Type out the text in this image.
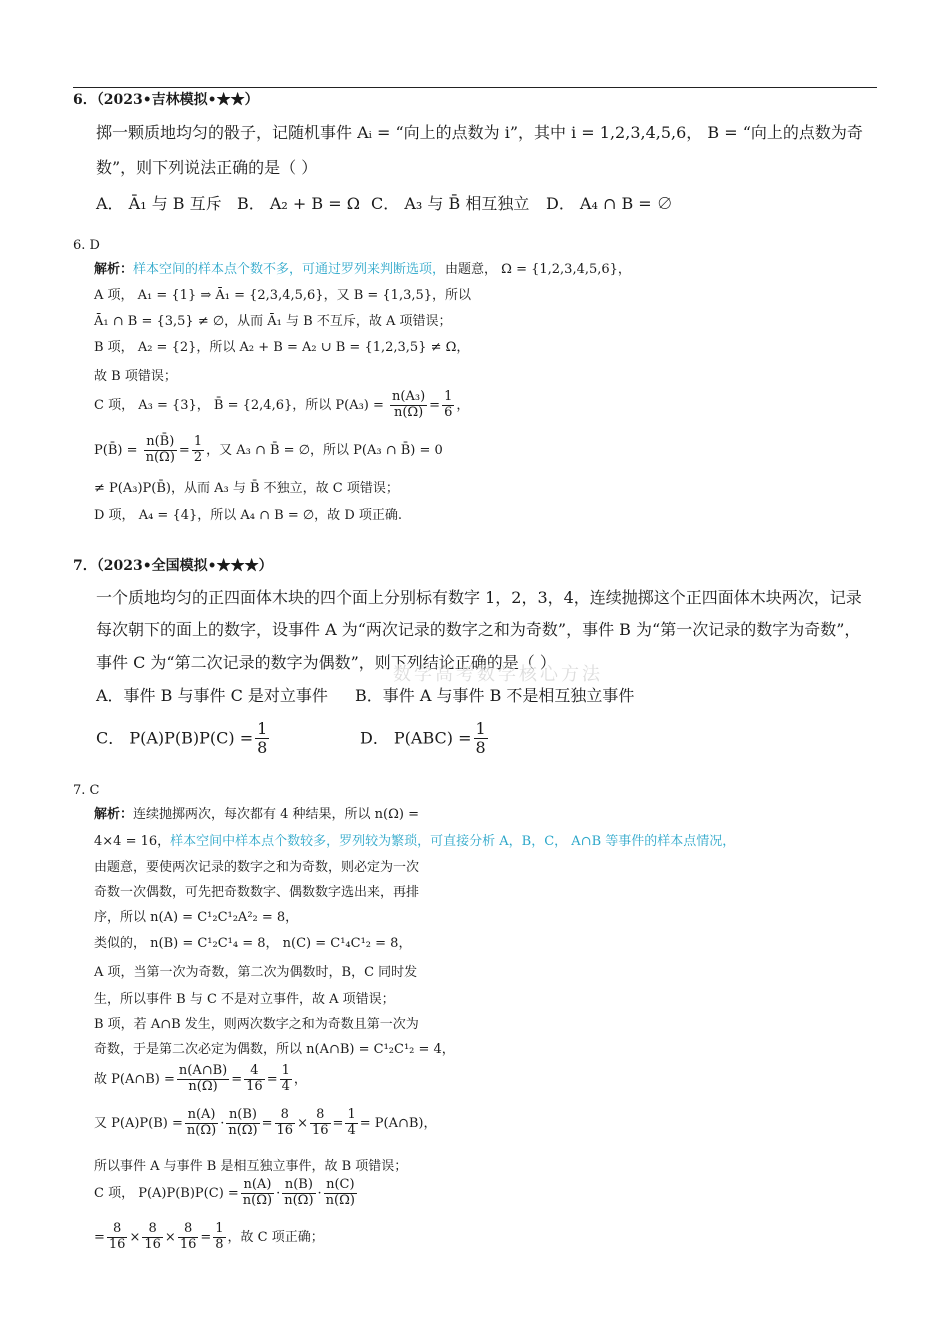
6．（2023•吉林模拟•★★）
掷一颗质地均匀的骰子，记随机事件 Aᵢ = “向上的点数为 i”，其中 i = 1,2,3,4,5,6， B = “向上的点数为奇
数”，则下列说法正确的是（ ）
A． Ā₁ 与 B 互斥 B． A₂ + B = Ω C． A₃ 与 B̄ 相互独立 D． A₄ ∩ B = ∅
6. D
解析：样本空间的样本点个数不多，可通过罗列来判断选项，由题意， Ω = {1,2,3,4,5,6}，
A 项， A₁ = {1} ⇒ Ā₁ = {2,3,4,5,6}，又 B = {1,3,5}，所以
Ā₁ ∩ B = {3,5} ≠ ∅，从而 Ā₁ 与 B 不互斥，故 A 项错误；
B 项， A₂ = {2}，所以 A₂ + B = A₂ ∪ B = {1,2,3,5} ≠ Ω，
故 B 项错误；
C 项， A₃ = {3}， B̄ = {2,4,6}，所以 $P(A_3) = \frac{\text{n(A₃)}}{n(\Omega)} = \frac{1}{6}$ ，
P(B̄) = $\frac{n(B̄)}{n(\Omega)} = \frac{1}{2}$ ，又 A₃ ∩ B̄ = ∅，所以 P(A₃ ∩ B̄) = 0
≠ P(A₃)P(B̄)，从而 A₃ 与 B̄ 不独立，故 C 项错误；
D 项， A₄ = {4}，所以 A₄ ∩ B = ∅，故 D 项正确.
7．（2023•全国模拟•★★★）
一个质地均匀的正四面体木块的四个面上分别标有数字 1，2，3，4，连续抛掷这个正四面体木块两次，记录
每次朝下的面上的数字，设事件 A 为“两次记录的数字之和为奇数”，事件 B 为“第一次记录的数字为奇数”，
事件 C 为“第二次记录的数字为偶数”，则下列结论正确的是（ ）
数学高考数学核心方法
A．事件 B 与事件 C 是对立事件 B．事件 A 与事件 B 不是相互独立事件
C． $P(A)P(B)P(C) = \frac{1}{8}$	D． $P(ABC) = \frac{1}{8}$
7. C
解析：连续抛掷两次，每次都有 4 种结果，所以 n(Ω) =
4×4 = 16，样本空间中样本点个数较多，罗列较为繁琐，可直接分析 A，B，C， A∩B 等事件的样本点情况，
由题意，要使两次记录的数字之和为奇数，则必定为一次
奇数一次偶数，可先把奇数数字、偶数数字选出来，再排
序，所以 n(A) = C¹₂C¹₂A²₂ = 8，
类似的， n(B) = C¹₂C¹₄ = 8， n(C) = C¹₄C¹₂ = 8，
A 项，当第一次为奇数，第二次为偶数时，B，C 同时发
生，所以事件 B 与 C 不是对立事件，故 A 项错误；
B 项，若 A∩B 发生，则两次数字之和为奇数且第一次为
奇数，于是第二次必定为偶数，所以 n(A∩B) = C¹₂C¹₂ = 4，
故 P(A∩B) = $\frac{n(A\cap B)}{n(\Omega)} = \frac{4}{16} = \frac{1}{4}$ ，
又 $P(A)P(B) = \frac{n(A)}{n(\Omega)} \cdot \frac{n(B)}{n(\Omega)} = \frac{8}{16} \times \frac{8}{16} = \frac{1}{4}$ = P(A∩B)，
所以事件 A 与事件 B 是相互独立事件，故 B 项错误；
C 项， $P(A)P(B)P(C) = \frac{n(A)}{n(\Omega)} \cdot \frac{n(B)}{n(\Omega)} \cdot \frac{n(C)}{n(\Omega)}$
= $\frac{8}{16} \times \frac{8}{16} \times \frac{8}{16} = \frac{1}{8}$ ，故 C 项正确；
